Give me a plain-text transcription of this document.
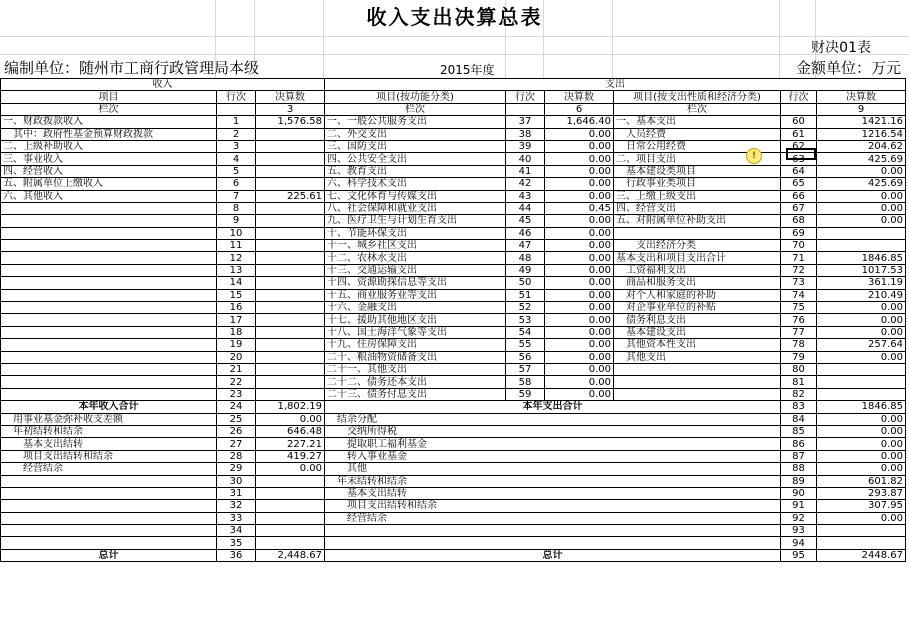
收入支出决算总表
财决01表
编制单位：随州市工商行政管理局本级	2015年度	金额单位：万元
收入			支出					
项目	行次	决算数	项目(按功能分类)	行次	决算数	项目(按支出性质和经济分类)	行次	决算数
栏次		3	栏次		6	栏次		9
一、财政拨款收入	1	1,576.58	一、一般公共服务支出	37	1,646.40	一、基本支出	60	1421.16
　其中：政府性基金预算财政拨款	2		二、外交支出	38	0.00	　人员经费	61	1216.54
二、上级补助收入	3		三、国防支出	39	0.00	　日常公用经费	62	204.62
三、事业收入	4		四、公共安全支出	40	0.00	二、项目支出	63	425.69
四、经营收入	5		五、教育支出	41	0.00	　基本建设类项目	64	0.00
五、附属单位上缴收入	6		六、科学技术支出	42	0.00	　行政事业类项目	65	425.69
六、其他收入	7	225.61	七、文化体育与传媒支出	43	0.00	三、上缴上级支出	66	0.00
	8		八、社会保障和就业支出	44	0.45	四、经营支出	67	0.00
	9		九、医疗卫生与计划生育支出	45	0.00	五、对附属单位补助支出	68	0.00
	10		十、节能环保支出	46	0.00		69	
	11		十一、城乡社区支出	47	0.00	　　支出经济分类	70	
	12		十二、农林水支出	48	0.00	基本支出和项目支出合计	71	1846.85
	13		十三、交通运输支出	49	0.00	　工资福利支出	72	1017.53
	14		十四、资源勘探信息等支出	50	0.00	　商品和服务支出	73	361.19
	15		十五、商业服务业等支出	51	0.00	　对个人和家庭的补助	74	210.49
	16		十六、金融支出	52	0.00	　对企事业单位的补贴	75	0.00
	17		十七、援助其他地区支出	53	0.00	　债务利息支出	76	0.00
	18		十八、国土海洋气象等支出	54	0.00	　基本建设支出	77	0.00
	19		十九、住房保障支出	55	0.00	　其他资本性支出	78	257.64
	20		二十、粮油物资储备支出	56	0.00	　其他支出	79	0.00
	21		二十一、其他支出	57	0.00		80	
	22		二十二、债务还本支出	58	0.00		81	
	23		二十三、债务付息支出	59	0.00		82	
本年收入合计	24	1,802.19	本年支出合计				83	1846.85
　用事业基金弥补收支差额	25	0.00	　结余分配				84	0.00
　年初结转和结余	26	646.48	　　交纳所得税				85	0.00
　　基本支出结转	27	227.21	　　提取职工福利基金				86	0.00
　　项目支出结转和结余	28	419.27	　　转入事业基金				87	0.00
　　经营结余	29	0.00	　　其他				88	0.00
	30		　年末结转和结余				89	601.82
	31		　　基本支出结转				90	293.87
	32		　　项目支出结转和结余				91	307.95
	33		　　经营结余				92	0.00
	34						93	
	35						94	
总计	36	2,448.67	总计				95	2448.67
!
